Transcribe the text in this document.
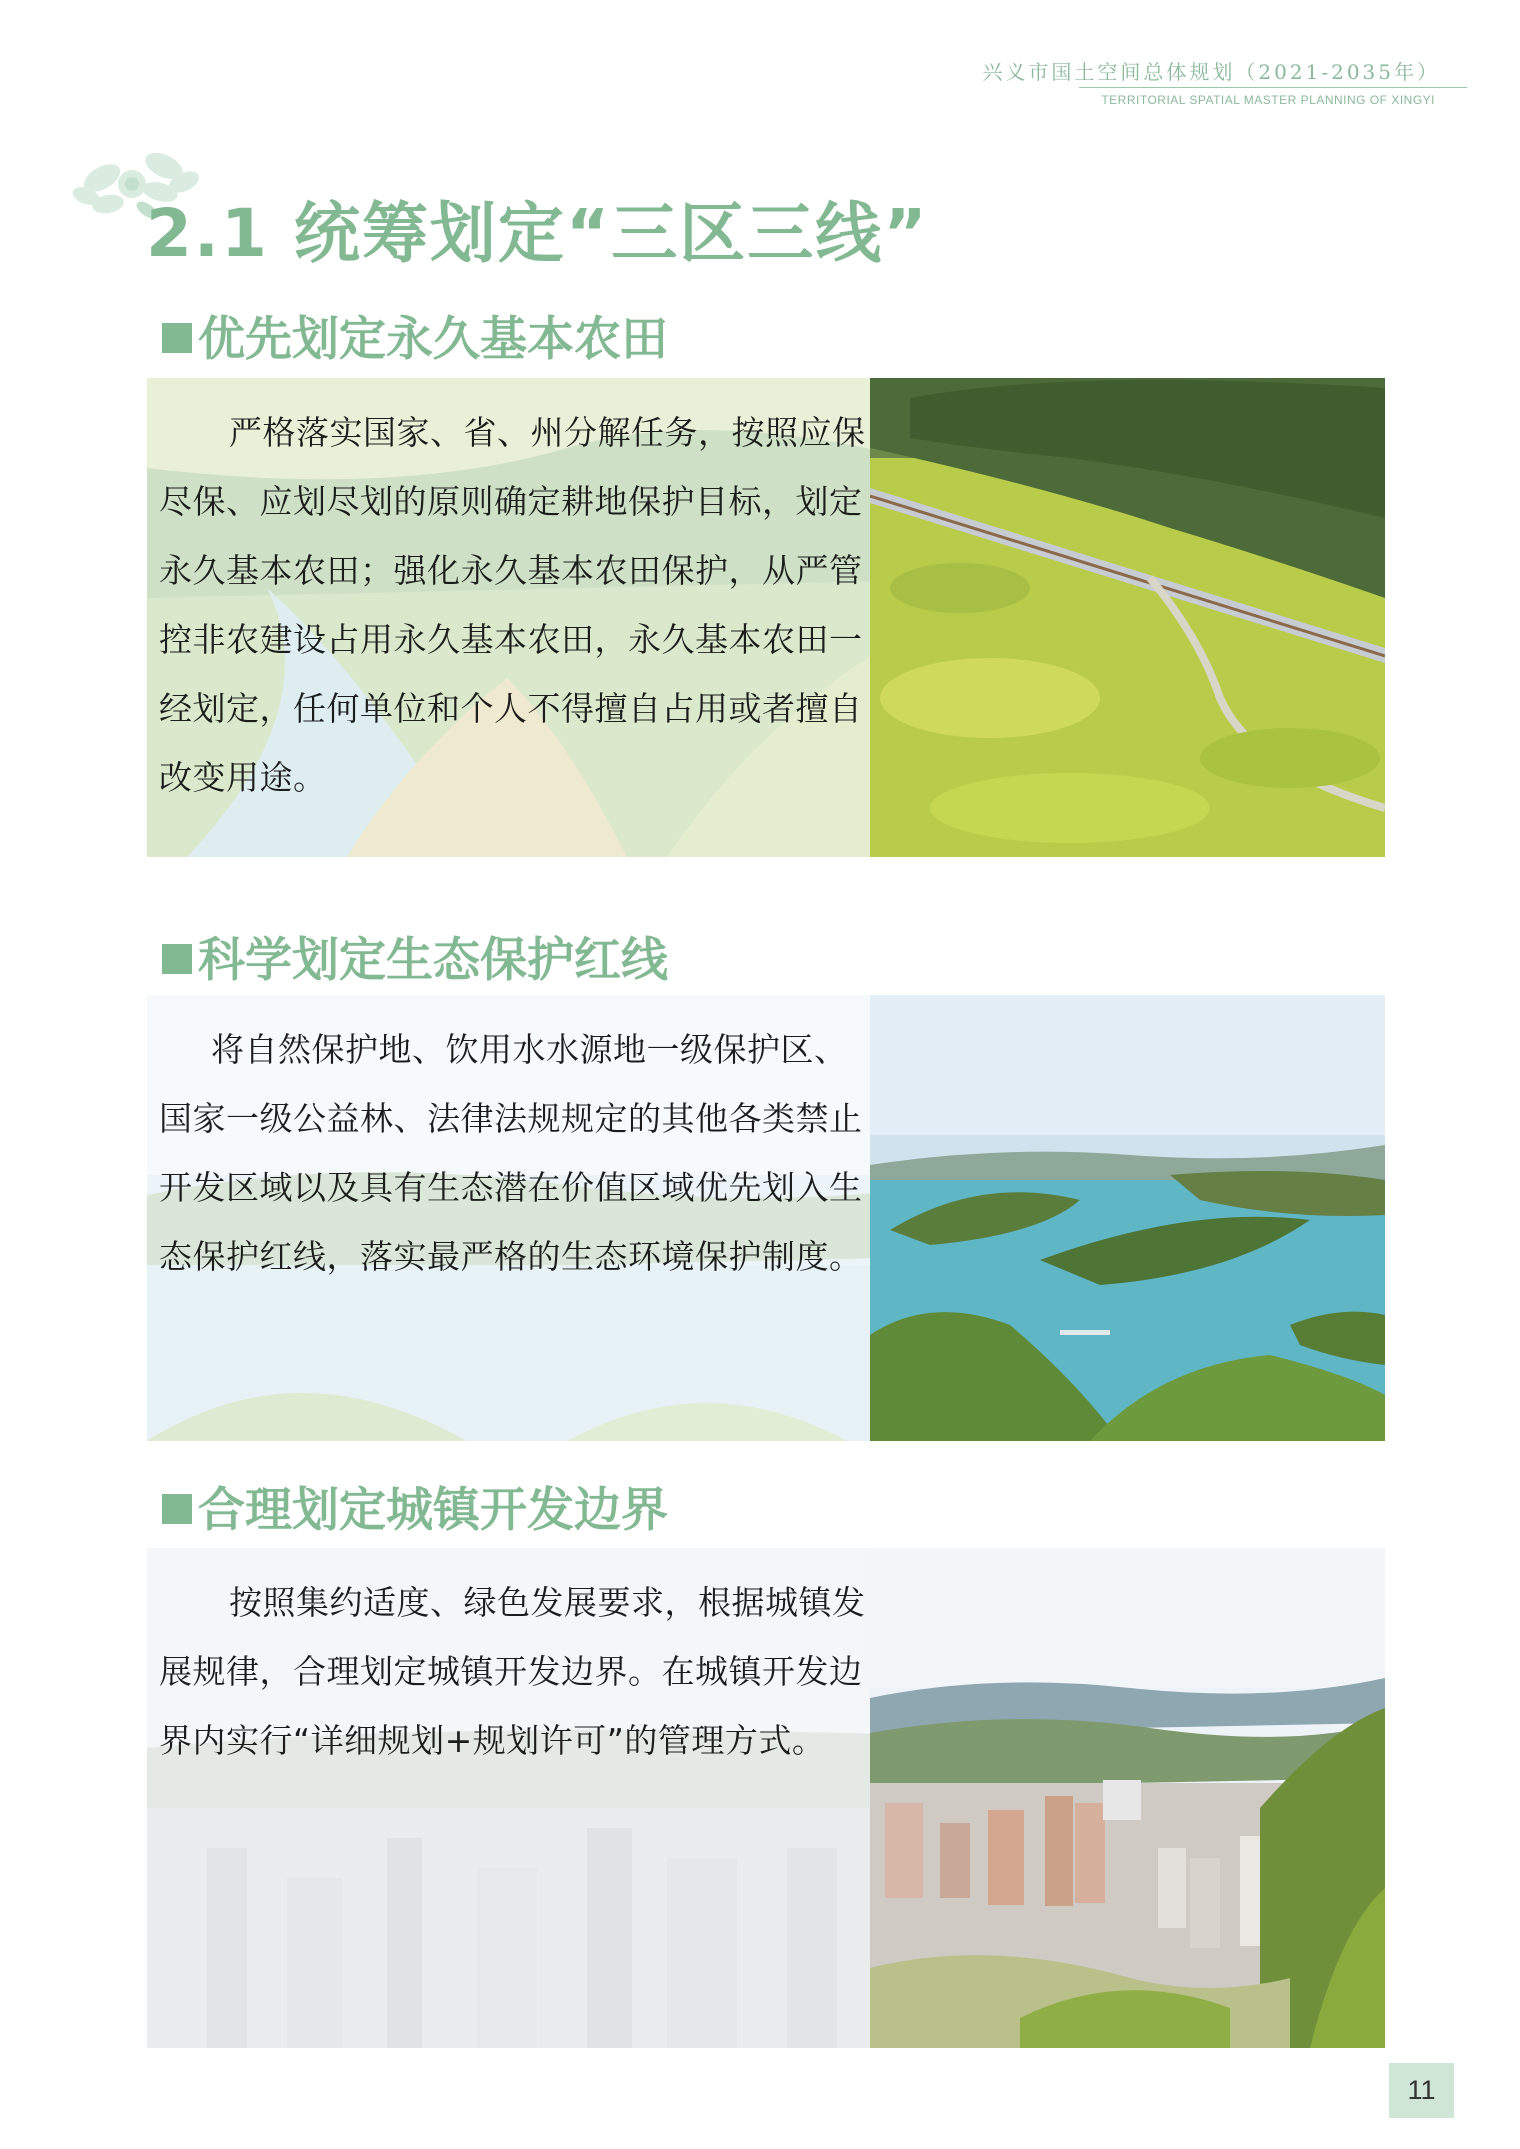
兴义市国土空间总体规划（2021-2035年）
TERRITORIAL SPATIAL MASTER PLANNING OF XINGYI
2.1 统筹划定“三区三线”
优先划定永久基本农田

严格落实国家、省、州分解任务，按照应保尽保、应划尽划的原则确定耕地保护目标，划定永久基本农田；强化永久基本农田保护，从严管控非农建设占用永久基本农田，永久基本农田一经划定，任何单位和个人不得擅自占用或者擅自改变用途。

科学划定生态保护红线

将自然保护地、饮用水水源地一级保护区、国家一级公益林、法律法规规定的其他各类禁止开发区域以及具有生态潜在价值区域优先划入生态保护红线，落实最严格的生态环境保护制度。

合理划定城镇开发边界

按照集约适度、绿色发展要求，根据城镇发展规律，合理划定城镇开发边界。在城镇开发边界内实行“详细规划+规划许可”的管理方式。

11
